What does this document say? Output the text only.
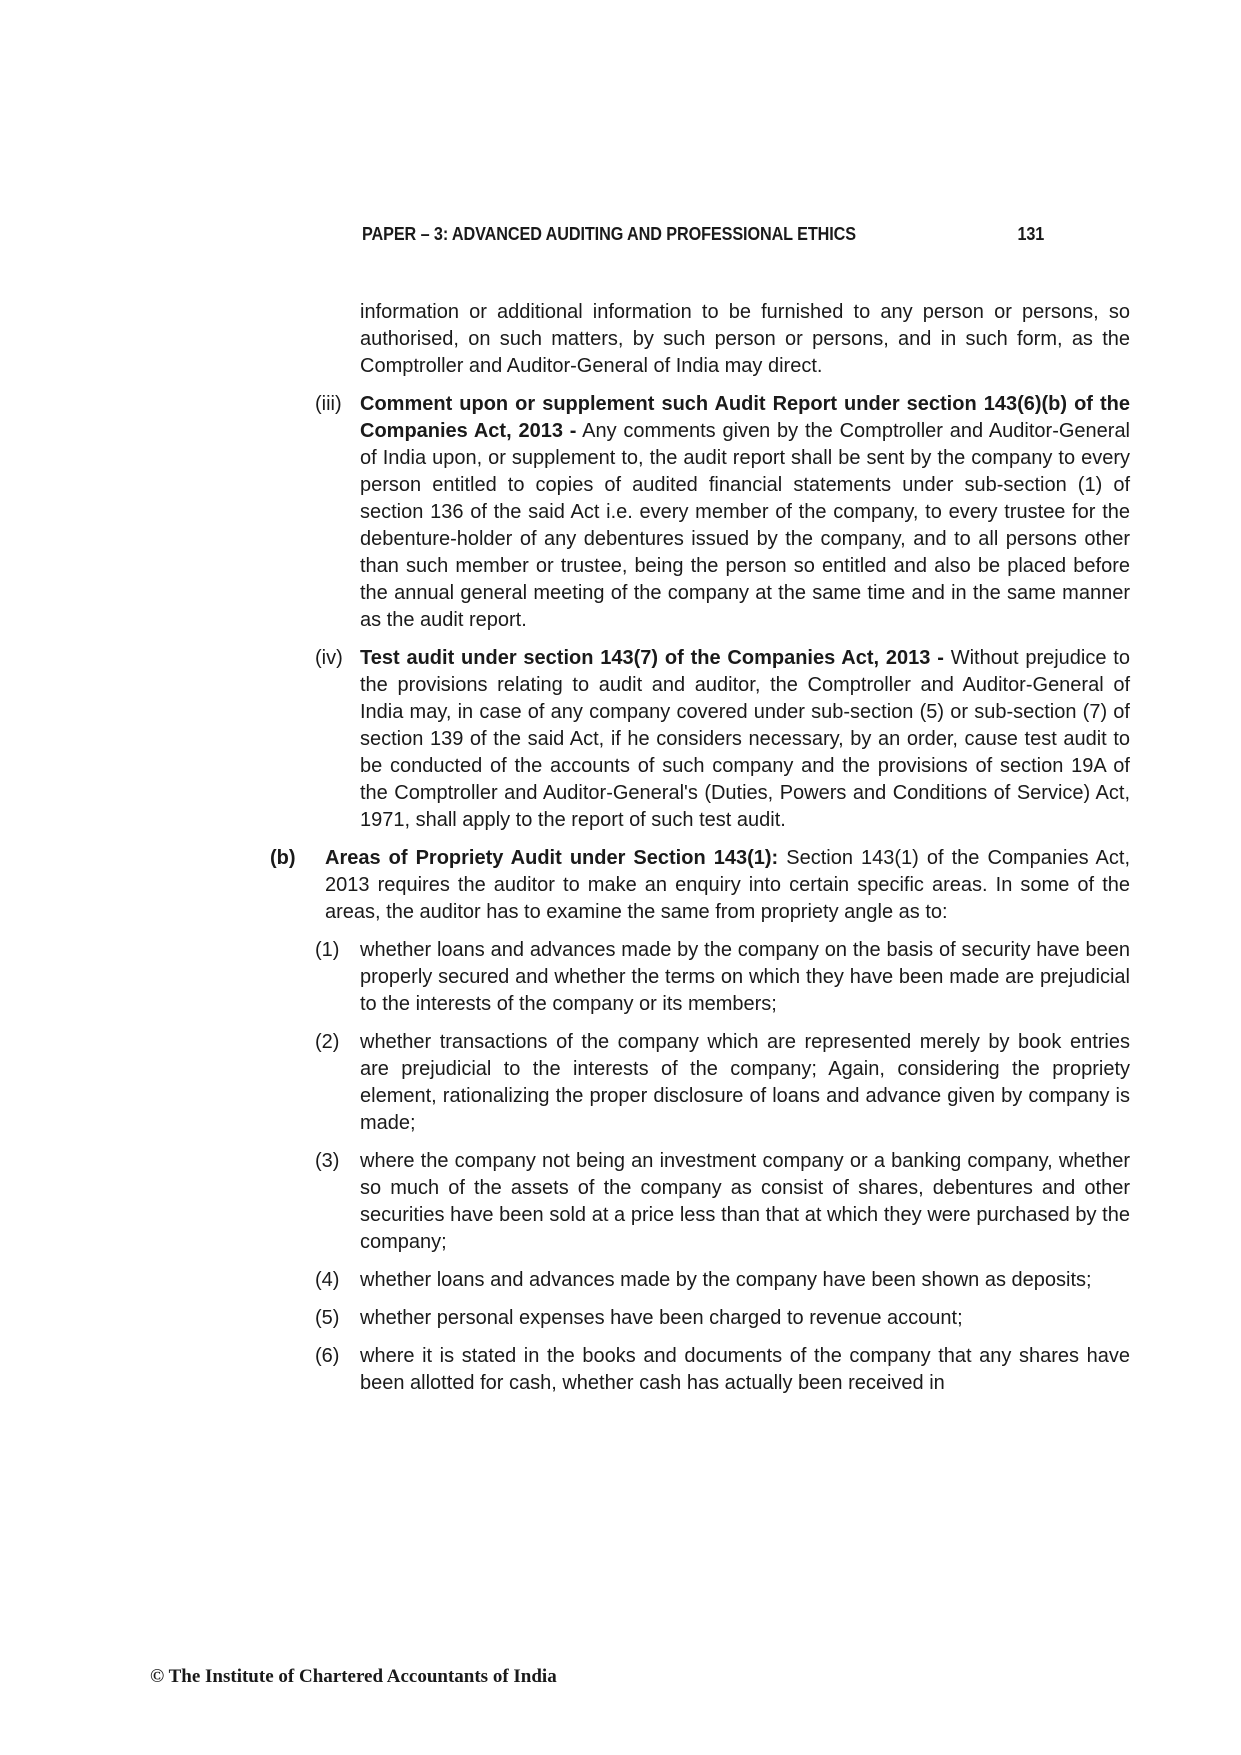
PAPER – 3: ADVANCED AUDITING AND PROFESSIONAL ETHICS	131
information or additional information to be furnished to any person or persons, so authorised, on such matters, by such person or persons, and in such form, as the Comptroller and Auditor-General of India may direct.
(iii) Comment upon or supplement such Audit Report under section 143(6)(b) of the Companies Act, 2013 - Any comments given by the Comptroller and Auditor-General of India upon, or supplement to, the audit report shall be sent by the company to every person entitled to copies of audited financial statements under sub-section (1) of section 136 of the said Act i.e. every member of the company, to every trustee for the debenture-holder of any debentures issued by the company, and to all persons other than such member or trustee, being the person so entitled and also be placed before the annual general meeting of the company at the same time and in the same manner as the audit report.
(iv) Test audit under section 143(7) of the Companies Act, 2013 - Without prejudice to the provisions relating to audit and auditor, the Comptroller and Auditor-General of India may, in case of any company covered under sub-section (5) or sub-section (7) of section 139 of the said Act, if he considers necessary, by an order, cause test audit to be conducted of the accounts of such company and the provisions of section 19A of the Comptroller and Auditor-General's (Duties, Powers and Conditions of Service) Act, 1971, shall apply to the report of such test audit.
(b) Areas of Propriety Audit under Section 143(1): Section 143(1) of the Companies Act, 2013 requires the auditor to make an enquiry into certain specific areas. In some of the areas, the auditor has to examine the same from propriety angle as to:
(1) whether loans and advances made by the company on the basis of security have been properly secured and whether the terms on which they have been made are prejudicial to the interests of the company or its members;
(2) whether transactions of the company which are represented merely by book entries are prejudicial to the interests of the company; Again, considering the propriety element, rationalizing the proper disclosure of loans and advance given by company is made;
(3) where the company not being an investment company or a banking company, whether so much of the assets of the company as consist of shares, debentures and other securities have been sold at a price less than that at which they were purchased by the company;
(4) whether loans and advances made by the company have been shown as deposits;
(5) whether personal expenses have been charged to revenue account;
(6) where it is stated in the books and documents of the company that any shares have been allotted for cash, whether cash has actually been received in
© The Institute of Chartered Accountants of India
